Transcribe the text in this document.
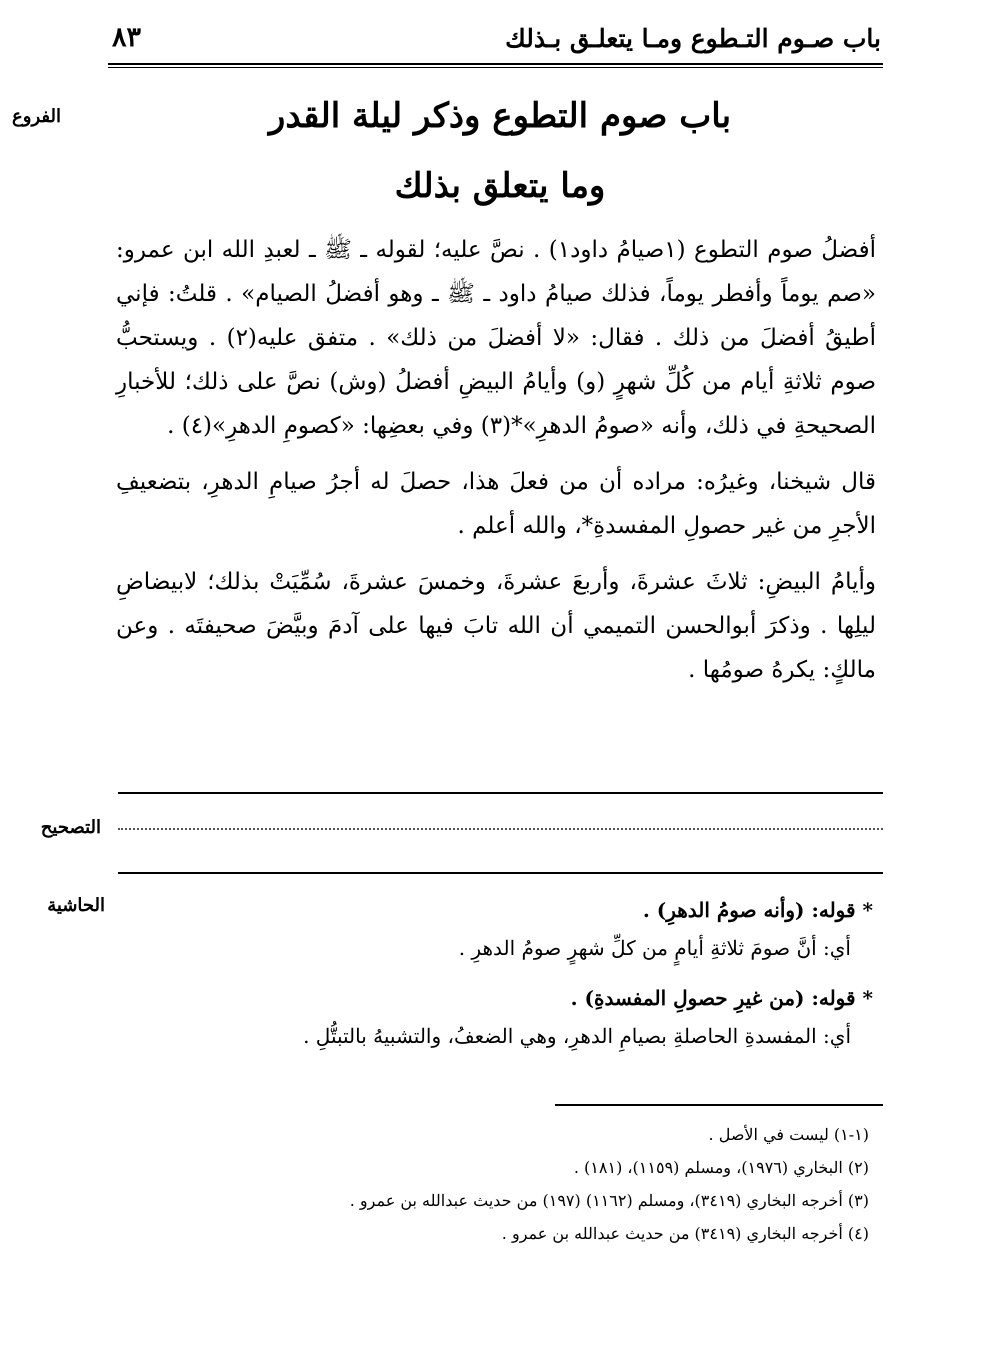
باب صـوم التـطوع ومـا يتعلـق بـذلك
٨٣
الفروع	باب صوم التطوع وذكر ليلة القدر
وما يتعلق بذلك

أفضلُ صوم التطوع (١صيامُ داود١) . نصَّ عليه؛ لقوله ـ ﷺ ـ لعبدِ الله ابن عمرو: «صم يوماً وأفطر يوماً، فذلك صيامُ داود ـ ﷺ ـ وهو أفضلُ الصيام» . قلتُ: فإني أطيقُ أفضلَ من ذلك . فقال: «لا أفضلَ من ذلك» . متفق عليه(٢) . ويستحبُّ صوم ثلاثةِ أيام من كُلِّ شهرٍ (و) وأيامُ البيضِ أفضلُ (وش) نصَّ على ذلك؛ للأخبارِ الصحيحةِ في ذلك، وأنه «صومُ الدهرِ»*(٣) وفي بعضِها: «كصومِ الدهرِ»(٤) .

قال شيخنا، وغيرُه: مراده أن من فعلَ هذا، حصلَ له أجرُ صيامِ الدهرِ، بتضعيفِ الأجرِ من غير حصولِ المفسدةِ*، والله أعلم .

وأيامُ البيضِ: ثلاثَ عشرةَ، وأربعَ عشرةَ، وخمسَ عشرةَ، سُمِّيَتْ بذلك؛ لابيضاضِ ليلِها . وذكرَ أبوالحسن التميمي أن الله تابَ فيها على آدمَ وبيَّضَ صحيفتَه . وعن مالكٍ: يكرهُ صومُها .

التصحيح
الحاشية	* قوله: (وأنه صومُ الدهرِ) .
أي: أنَّ صومَ ثلاثةِ أيامٍ من كلِّ شهرٍ صومُ الدهرِ .
* قوله: (من غيرِ حصولِ المفسدةِ) .
أي: المفسدةِ الحاصلةِ بصيامِ الدهرِ، وهي الضعفُ، والتشبيهُ بالتبتُّلِ .
(١-١) ليست في الأصل .
(٢) البخاري (١٩٧٦)، ومسلم (١١٥٩)، (١٨١) .
(٣) أخرجه البخاري (٣٤١٩)، ومسلم (١١٦٢) (١٩٧) من حديث عبدالله بن عمرو .
(٤) أخرجه البخاري (٣٤١٩) من حديث عبدالله بن عمرو .
